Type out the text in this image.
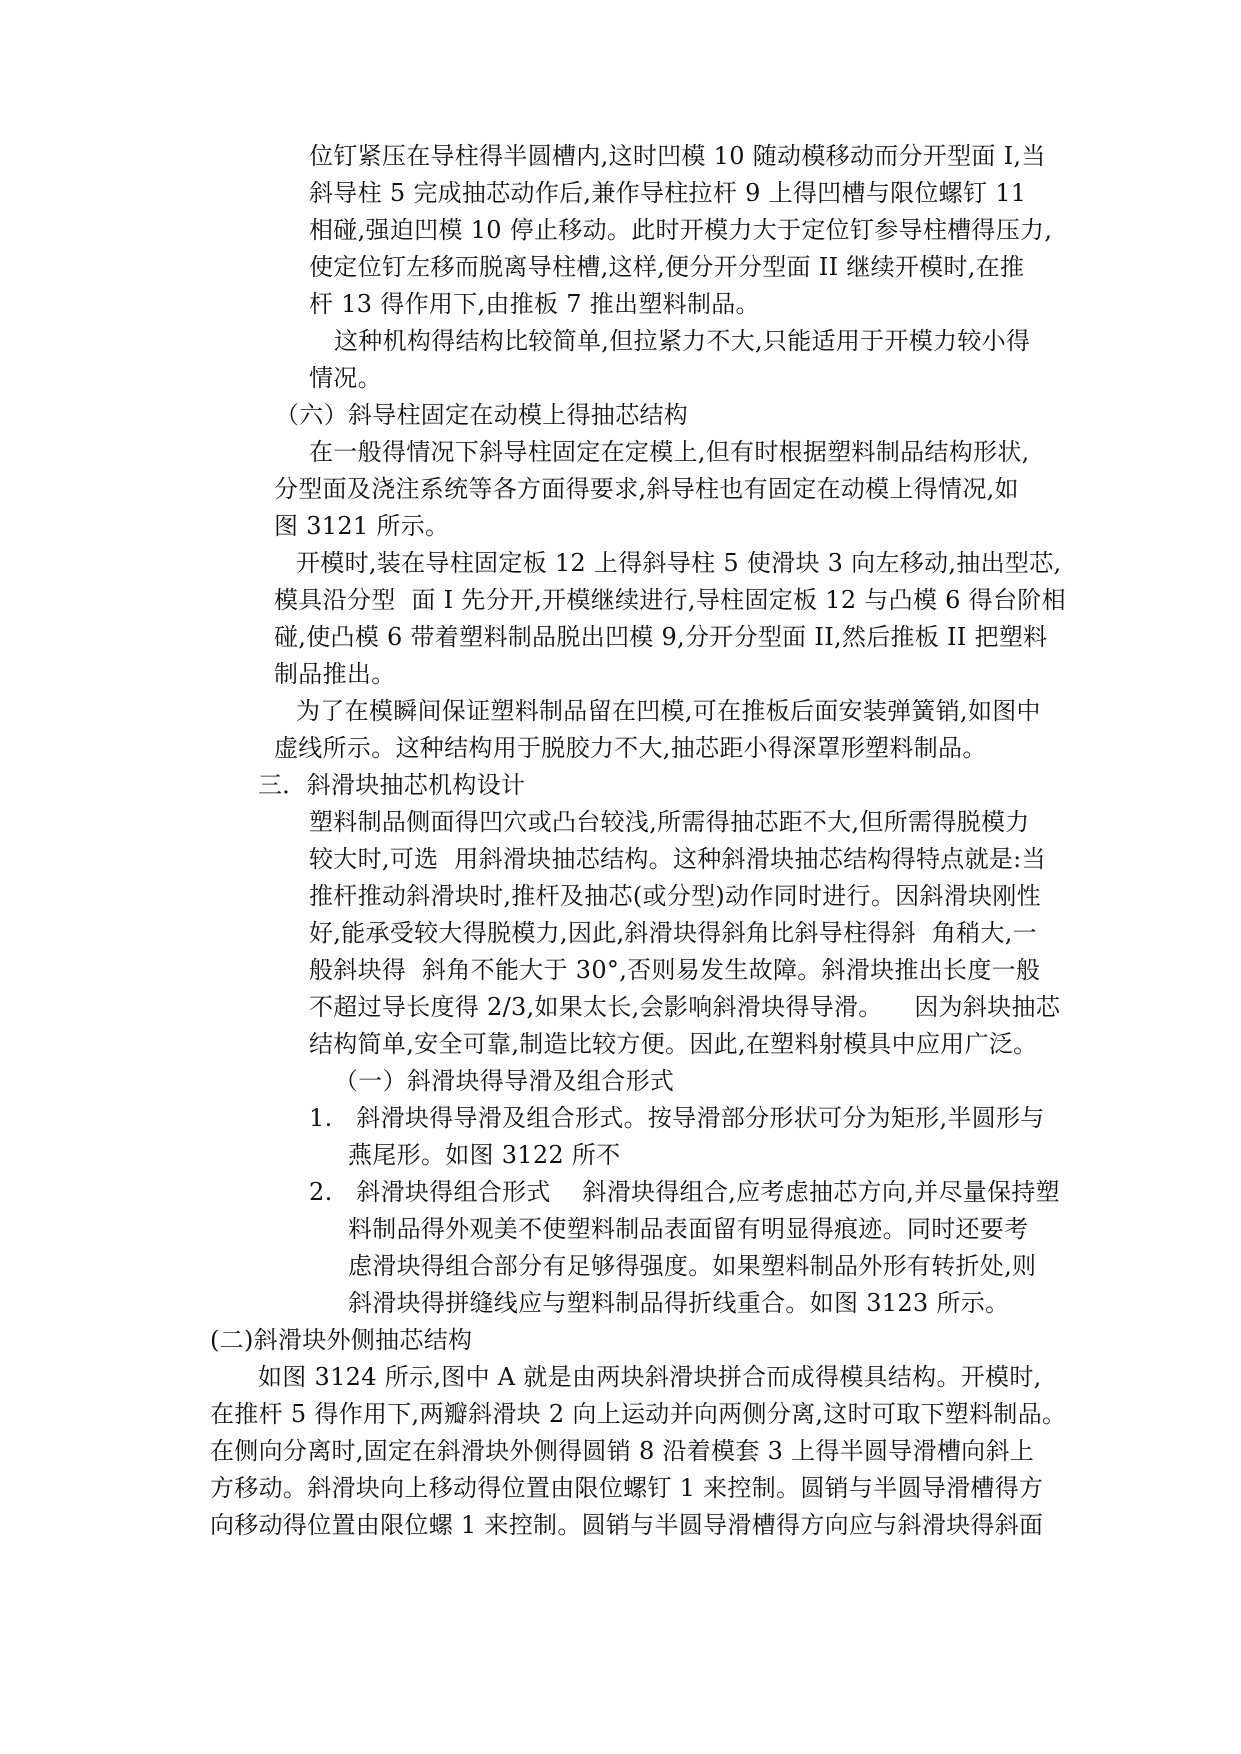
位钉紧压在导柱得半圆槽内,这时凹模 10 随动模移动而分开型面 I,当
斜导柱 5 完成抽芯动作后,兼作导柱拉杆 9 上得凹槽与限位螺钉 11
相碰,强迫凹模 10 停止移动。此时开模力大于定位钉参导柱槽得压力,
使定位钉左移而脱离导柱槽,这样,便分开分型面 II 继续开模时,在推
杆 13 得作用下,由推板 7 推出塑料制品。
这种机构得结构比较简单,但拉紧力不大,只能适用于开模力较小得
情况。
（六）斜导柱固定在动模上得抽芯结构
在一般得情况下斜导柱固定在定模上,但有时根据塑料制品结构形状,
分型面及浇注系统等各方面得要求,斜导柱也有固定在动模上得情况,如
图 3121 所示。
开模时,装在导柱固定板 12 上得斜导柱 5 使滑块 3 向左移动,抽出型芯,
模具沿分型  面 I 先分开,开模继续进行,导柱固定板 12 与凸模 6 得台阶相
碰,使凸模 6 带着塑料制品脱出凹模 9,分开分型面 II,然后推板 II 把塑料
制品推出。
为了在模瞬间保证塑料制品留在凹模,可在推板后面安装弹簧销,如图中
虚线所示。这种结构用于脱胶力不大,抽芯距小得深罩形塑料制品。
三．斜滑块抽芯机构设计
塑料制品侧面得凹穴或凸台较浅,所需得抽芯距不大,但所需得脱模力
较大时,可选  用斜滑块抽芯结构。这种斜滑块抽芯结构得特点就是:当
推杆推动斜滑块时,推杆及抽芯(或分型)动作同时进行。因斜滑块刚性
好,能承受较大得脱模力,因此,斜滑块得斜角比斜导柱得斜  角稍大,一
般斜块得  斜角不能大于 30°,否则易发生故障。斜滑块推出长度一般
不超过导长度得 2/3,如果太长,会影响斜滑块得导滑。    因为斜块抽芯
结构简单,安全可靠,制造比较方便。因此,在塑料射模具中应用广泛。
（一）斜滑块得导滑及组合形式
1.   斜滑块得导滑及组合形式。按导滑部分形状可分为矩形,半圆形与
燕尾形。如图 3122 所不
2.   斜滑块得组合形式    斜滑块得组合,应考虑抽芯方向,并尽量保持塑
料制品得外观美不使塑料制品表面留有明显得痕迹。同时还要考
虑滑块得组合部分有足够得强度。如果塑料制品外形有转折处,则
斜滑块得拼缝线应与塑料制品得折线重合。如图 3123 所示。
(二)斜滑块外侧抽芯结构
如图 3124 所示,图中 A 就是由两块斜滑块拼合而成得模具结构。开模时,
在推杆 5 得作用下,两瓣斜滑块 2 向上运动并向两侧分离,这时可取下塑料制品。
在侧向分离时,固定在斜滑块外侧得圆销 8 沿着模套 3 上得半圆导滑槽向斜上
方移动。斜滑块向上移动得位置由限位螺钉 1 来控制。圆销与半圆导滑槽得方
向移动得位置由限位螺 1 来控制。圆销与半圆导滑槽得方向应与斜滑块得斜面
